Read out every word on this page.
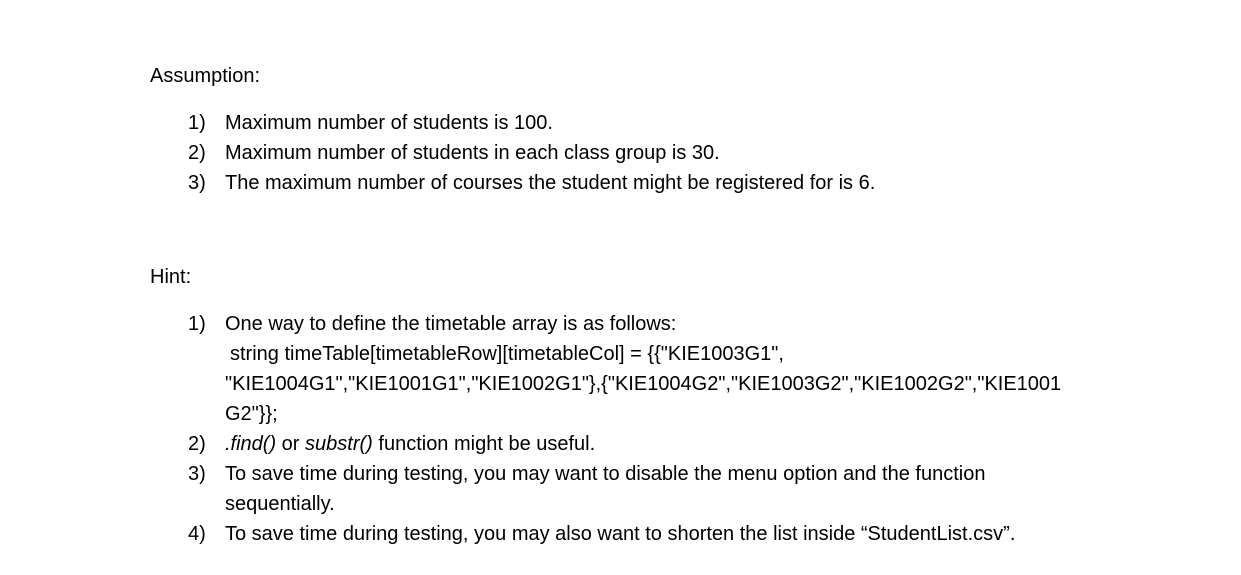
Assumption:

1) Maximum number of students is 100.
2) Maximum number of students in each class group is 30.
3) The maximum number of courses the student might be registered for is 6.

Hint:

1) One way to define the timetable array is as follows:
string timeTable[timetableRow][timetableCol] = {{"KIE1003G1",
"KIE1004G1","KIE1001G1","KIE1002G1"},{"KIE1004G2","KIE1003G2","KIE1002G2","KIE1001
G2"}};
2) .find() or substr() function might be useful.
3) To save time during testing, you may want to disable the menu option and the function
sequentially.
4) To save time during testing, you may also want to shorten the list inside “StudentList.csv”.
